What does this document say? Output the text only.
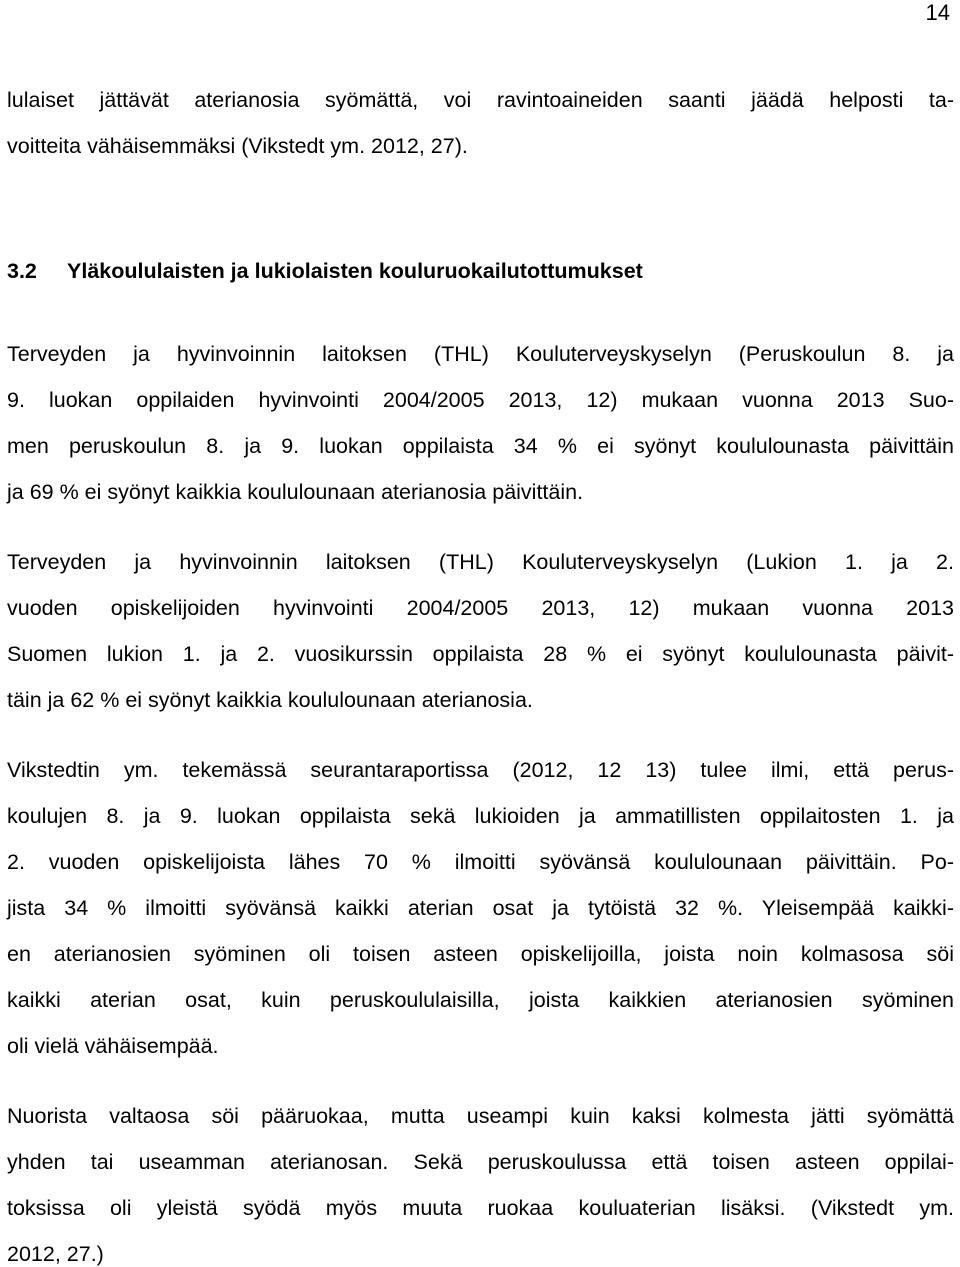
14
lulaiset jättävät aterianosia syömättä, voi ravintoaineiden saanti jäädä helposti ta-
voitteita vähäisemmäksi (Vikstedt ym. 2012, 27).
3.2 Yläkoululaisten ja lukiolaisten kouluruokailutottumukset
Terveyden ja hyvinvoinnin laitoksen (THL) Kouluterveyskyselyn (Peruskoulun 8. ja
9. luokan oppilaiden hyvinvointi 2004/2005 2013, 12) mukaan vuonna 2013 Suo-
men peruskoulun 8. ja 9. luokan oppilaista 34 % ei syönyt koululounasta päivittäin
ja 69 % ei syönyt kaikkia koululounaan aterianosia päivittäin.
Terveyden ja hyvinvoinnin laitoksen (THL) Kouluterveyskyselyn (Lukion 1. ja 2.
vuoden opiskelijoiden hyvinvointi 2004/2005 2013, 12) mukaan vuonna 2013
Suomen lukion 1. ja 2. vuosikurssin oppilaista 28 % ei syönyt koululounasta päivit-
täin ja 62 % ei syönyt kaikkia koululounaan aterianosia.
Vikstedtin ym. tekemässä seurantaraportissa (2012, 12 13) tulee ilmi, että perus-
koulujen 8. ja 9. luokan oppilaista sekä lukioiden ja ammatillisten oppilaitosten 1. ja
2. vuoden opiskelijoista lähes 70 % ilmoitti syövänsä koululounaan päivittäin. Po-
jista 34 % ilmoitti syövänsä kaikki aterian osat ja tytöistä 32 %. Yleisempää kaikki-
en aterianosien syöminen oli toisen asteen opiskelijoilla, joista noin kolmasosa söi
kaikki aterian osat, kuin peruskoululaisilla, joista kaikkien aterianosien syöminen
oli vielä vähäisempää.
Nuorista valtaosa söi pääruokaa, mutta useampi kuin kaksi kolmesta jätti syömättä
yhden tai useamman aterianosan. Sekä peruskoulussa että toisen asteen oppilai-
toksissa oli yleistä syödä myös muuta ruokaa kouluaterian lisäksi. (Vikstedt ym.
2012, 27.)
